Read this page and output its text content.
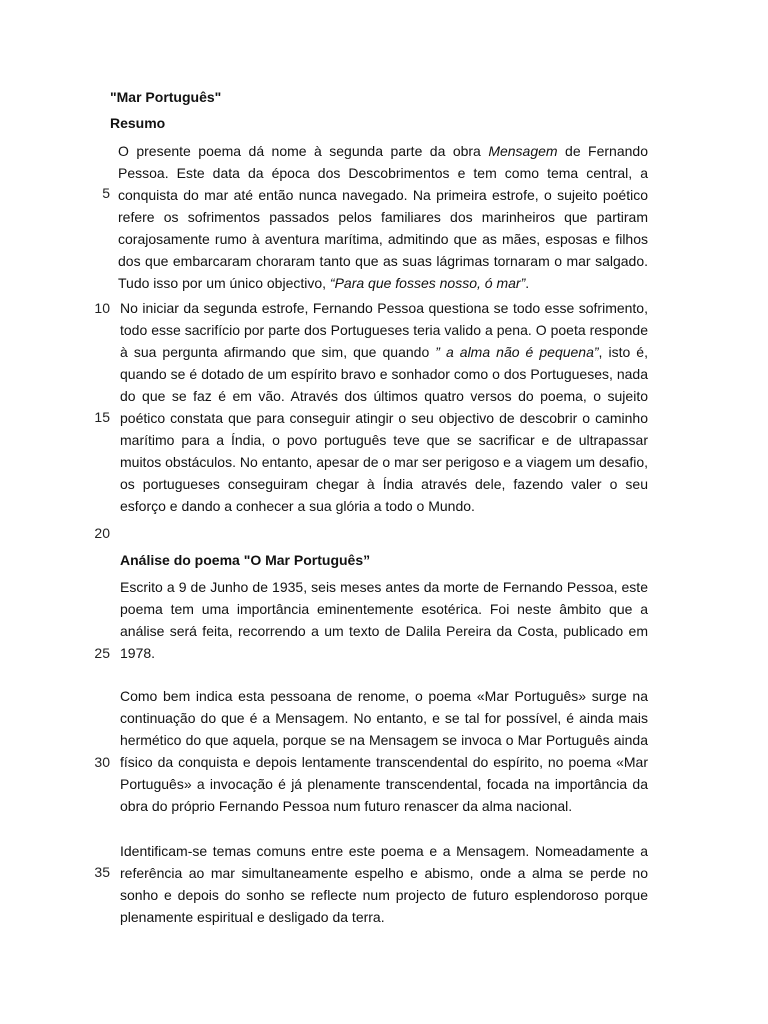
"Mar Português"
Resumo

O presente poema dá nome à segunda parte da obra Mensagem de Fernando Pessoa. Este data da época dos Descobrimentos e tem como tema central, a conquista do mar até então nunca navegado. Na primeira estrofe, o sujeito poético refere os sofrimentos passados pelos familiares dos marinheiros que partiram corajosamente rumo à aventura marítima, admitindo que as mães, esposas e filhos dos que embarcaram choraram tanto que as suas lágrimas tornaram o mar salgado. Tudo isso por um único objectivo, “Para que fosses nosso, ó mar”.

No iniciar da segunda estrofe, Fernando Pessoa questiona se todo esse sofrimento, todo esse sacrifício por parte dos Portugueses teria valido a pena. O poeta responde à sua pergunta afirmando que sim, que quando ” a alma não é pequena”, isto é, quando se é dotado de um espírito bravo e sonhador como o dos Portugueses, nada do que se faz é em vão. Através dos últimos quatro versos do poema, o sujeito poético constata que para conseguir atingir o seu objectivo de descobrir o caminho marítimo para a Índia, o povo português teve que se sacrificar e de ultrapassar muitos obstáculos. No entanto, apesar de o mar ser perigoso e a viagem um desafio, os portugueses conseguiram chegar à Índia através dele, fazendo valer o seu esforço e dando a conhecer a sua glória a todo o Mundo.

Análise do poema "O Mar Português”

Escrito a 9 de Junho de 1935, seis meses antes da morte de Fernando Pessoa, este poema tem uma importância eminentemente esotérica. Foi neste âmbito que a análise será feita, recorrendo a um texto de Dalila Pereira da Costa, publicado em 1978.

Como bem indica esta pessoana de renome, o poema «Mar Português» surge na continuação do que é a Mensagem. No entanto, e se tal for possível, é ainda mais hermético do que aquela, porque se na Mensagem se invoca o Mar Português ainda físico da conquista e depois lentamente transcendental do espírito, no poema «Mar Português» a invocação é já plenamente transcendental, focada na importância da obra do próprio Fernando Pessoa num futuro renascer da alma nacional.

Identificam-se temas comuns entre este poema e a Mensagem. Nomeadamente a referência ao mar simultaneamente espelho e abismo, onde a alma se perde no sonho e depois do sonho se reflecte num projecto de futuro esplendoroso porque plenamente espiritual e desligado da terra.

5
10
15
20
25
30
35
